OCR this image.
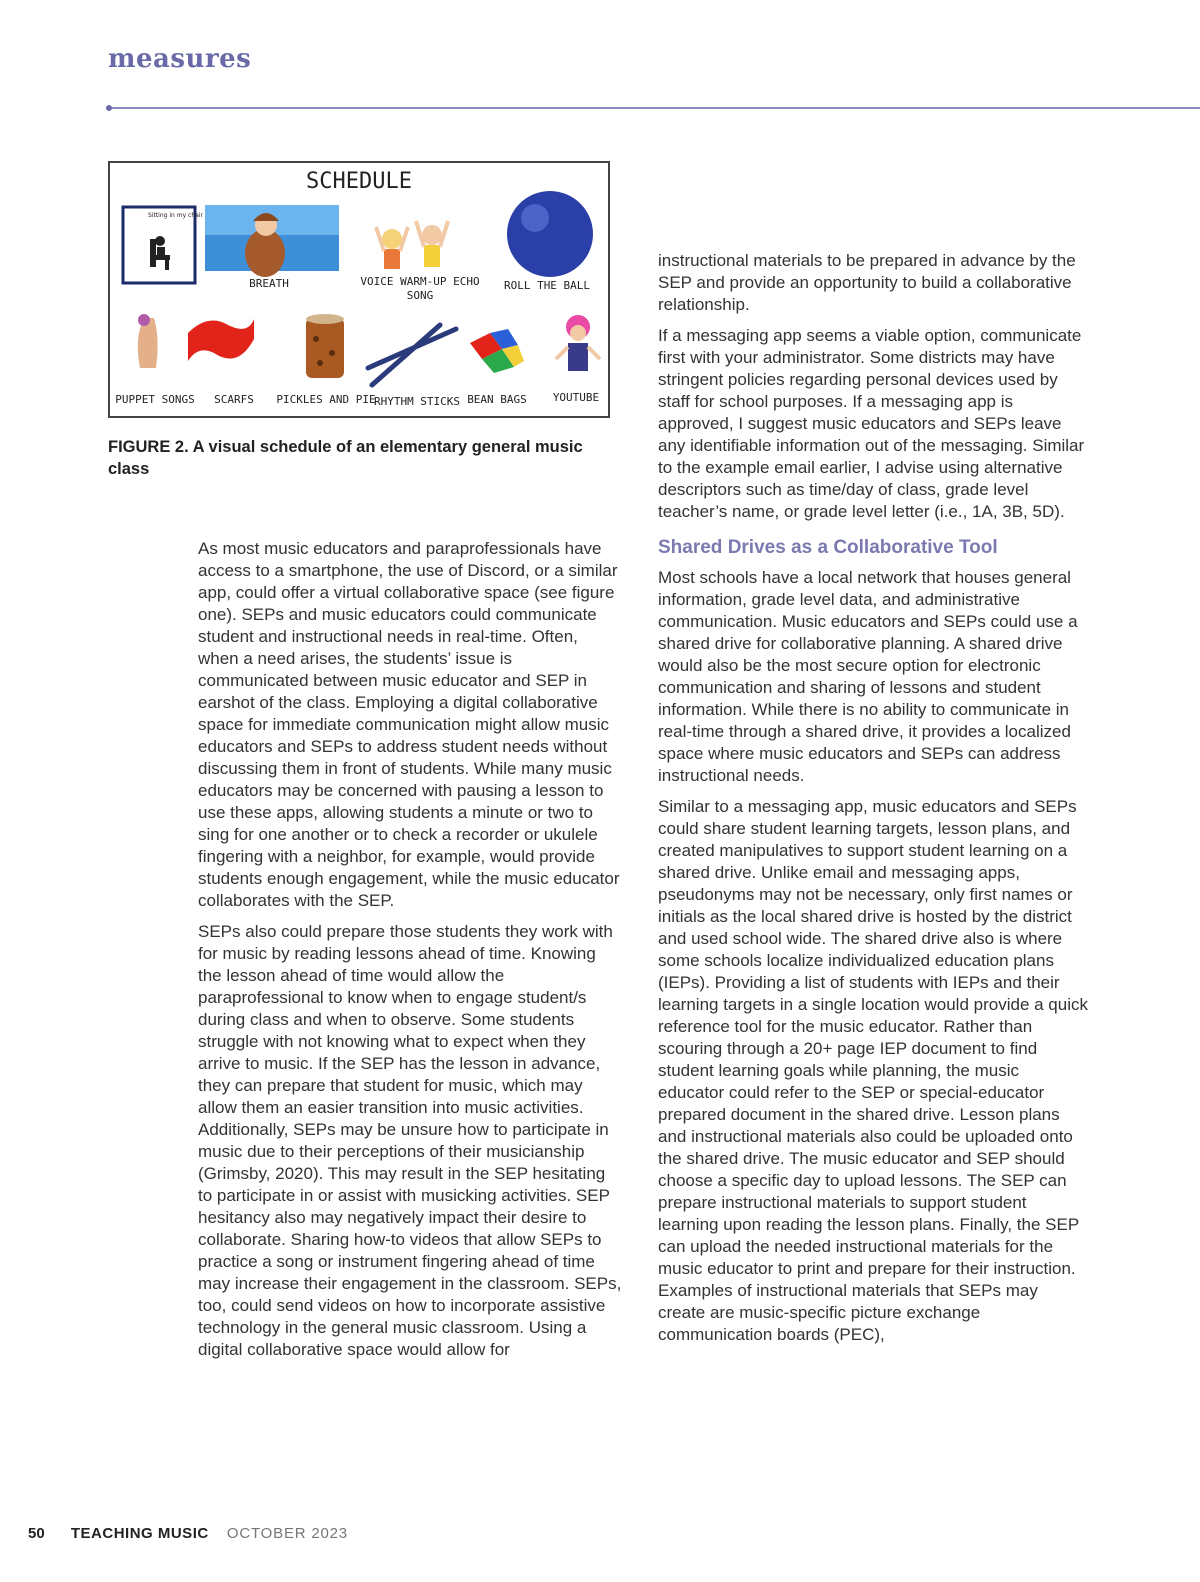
measures
SCHEDULE
Sitting in my chair
BREATH	VOICE WARM-UP ECHO SONG
ROLL THE BALL
PUPPET SONGS	SCARFS	PICKLES AND PIE
RHYTHM STICKS BEAN BAGS	YOUTUBE
FIGURE 2. A visual schedule of an elementary general music class

As most music educators and paraprofessionals have access to a smartphone, the use of Discord, or a similar app, could offer a virtual collaborative space (see figure one). SEPs and music educators could communicate student and instructional needs in real-time. Often, when a need arises, the students’ issue is communicated between music educator and SEP in earshot of the class. Employing a digital collaborative space for immediate communication might allow music educators and SEPs to address student needs without discussing them in front of students. While many music educators may be concerned with pausing a lesson to use these apps, allowing students a minute or two to sing for one another or to check a recorder or ukulele fingering with a neighbor, for example, would provide students enough engagement, while the music educator collaborates with the SEP.

SEPs also could prepare those students they work with for music by reading lessons ahead of time. Knowing the lesson ahead of time would allow the paraprofessional to know when to engage student/s during class and when to observe. Some students struggle with not knowing what to expect when they arrive to music. If the SEP has the lesson in advance, they can prepare that student for music, which may allow them an easier transition into music activities. Additionally, SEPs may be unsure how to participate in music due to their perceptions of their musicianship (Grimsby, 2020). This may result in the SEP hesitating to participate in or assist with musicking activities. SEP hesitancy also may negatively impact their desire to collaborate. Sharing how-to videos that allow SEPs to practice a song or instrument fingering ahead of time may increase their engagement in the classroom. SEPs, too, could send videos on how to incorporate assistive technology in the general music classroom. Using a digital collaborative space would allow for

instructional materials to be prepared in advance by the SEP and provide an opportunity to build a collaborative relationship.

If a messaging app seems a viable option, communicate first with your administrator. Some districts may have stringent policies regarding personal devices used by staff for school purposes. If a messaging app is approved, I suggest music educators and SEPs leave any identifiable information out of the messaging. Similar to the example email earlier, I advise using alternative descriptors such as time/day of class, grade level teacher’s name, or grade level letter (i.e., 1A, 3B, 5D).

Shared Drives as a Collaborative Tool

Most schools have a local network that houses general information, grade level data, and administrative communication. Music educators and SEPs could use a shared drive for collaborative planning. A shared drive would also be the most secure option for electronic communication and sharing of lessons and student information. While there is no ability to communicate in real-time through a shared drive, it provides a localized space where music educators and SEPs can address instructional needs.

Similar to a messaging app, music educators and SEPs could share student learning targets, lesson plans, and created manipulatives to support student learning on a shared drive. Unlike email and messaging apps, pseudonyms may not be necessary, only first names or initials as the local shared drive is hosted by the district and used school wide. The shared drive also is where some schools localize individualized education plans (IEPs). Providing a list of students with IEPs and their learning targets in a single location would provide a quick reference tool for the music educator. Rather than scouring through a 20+ page IEP document to find student learning goals while planning, the music educator could refer to the SEP or special-educator prepared document in the shared drive. Lesson plans and instructional materials also could be uploaded onto the shared drive. The music educator and SEP should choose a specific day to upload lessons. The SEP can prepare instructional materials to support student learning upon reading the lesson plans. Finally, the SEP can upload the needed instructional materials for the music educator to print and prepare for their instruction. Examples of instructional materials that SEPs may create are music-specific picture exchange communication boards (PEC),

50 TEACHING MUSIC OCTOBER 2023
